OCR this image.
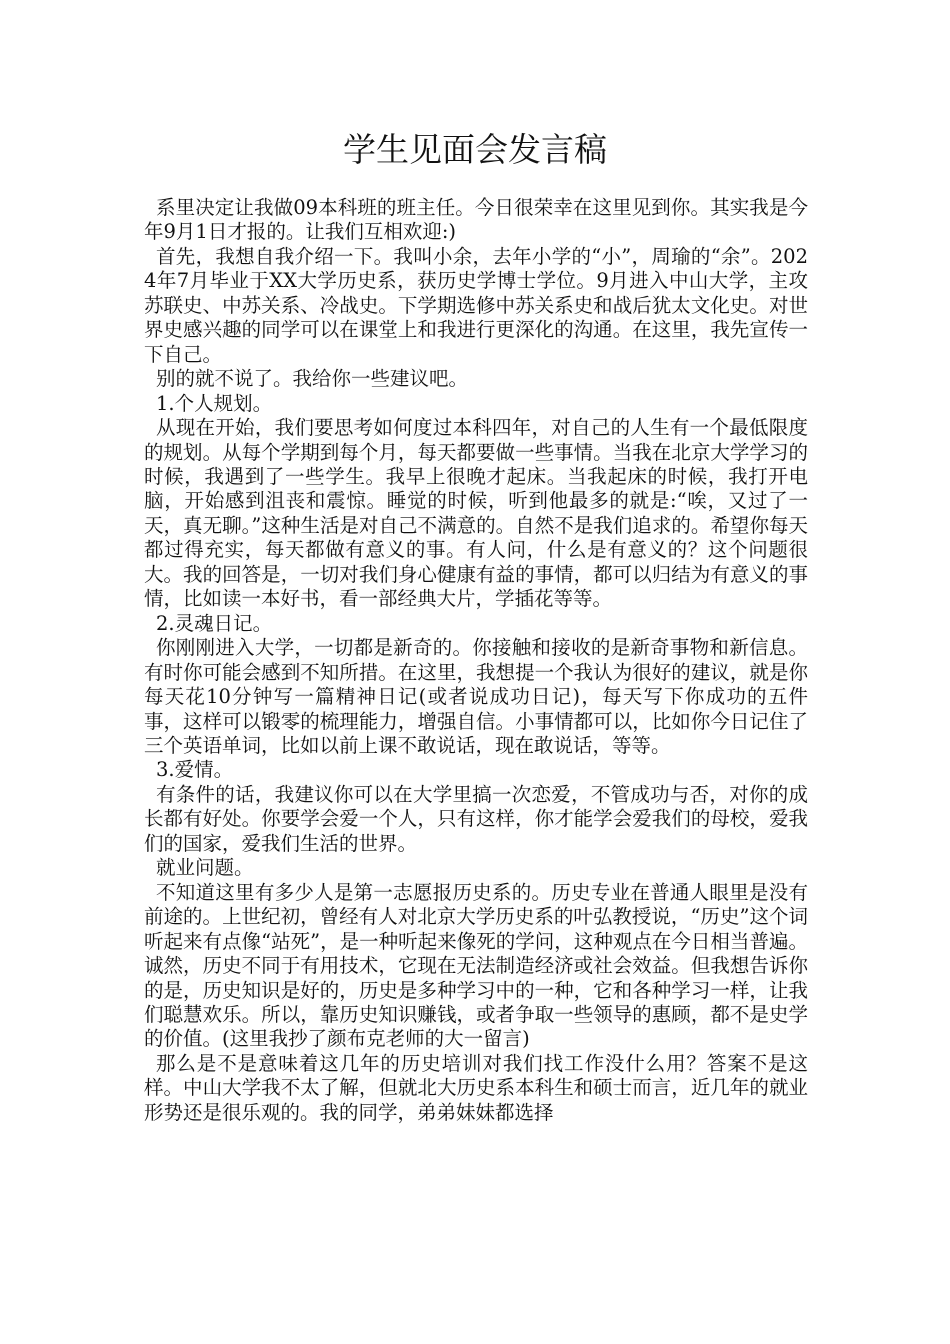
学生见面会发言稿

系里决定让我做09本科班的班主任。今日很荣幸在这里见到你。其实我是今年9月1日才报的。让我们互相欢迎:)

首先，我想自我介绍一下。我叫小余，去年小学的“小”，周瑜的“余”。2024年7月毕业于XX大学历史系，获历史学博士学位。9月进入中山大学，主攻苏联史、中苏关系、冷战史。下学期选修中苏关系史和战后犹太文化史。对世界史感兴趣的同学可以在课堂上和我进行更深化的沟通。在这里，我先宣传一下自己。

别的就不说了。我给你一些建议吧。

1.个人规划。

从现在开始，我们要思考如何度过本科四年，对自己的人生有一个最低限度的规划。从每个学期到每个月，每天都要做一些事情。当我在北京大学学习的时候，我遇到了一些学生。我早上很晚才起床。当我起床的时候，我打开电脑，开始感到沮丧和震惊。睡觉的时候，听到他最多的就是:“唉，又过了一天，真无聊。”这种生活是对自己不满意的。自然不是我们追求的。希望你每天都过得充实，每天都做有意义的事。有人问，什么是有意义的？这个问题很大。我的回答是，一切对我们身心健康有益的事情，都可以归结为有意义的事情，比如读一本好书，看一部经典大片，学插花等等。

2.灵魂日记。

你刚刚进入大学，一切都是新奇的。你接触和接收的是新奇事物和新信息。有时你可能会感到不知所措。在这里，我想提一个我认为很好的建议，就是你每天花10分钟写一篇精神日记(或者说成功日记)，每天写下你成功的五件事，这样可以锻零的梳理能力，增强自信。小事情都可以，比如你今日记住了三个英语单词，比如以前上课不敢说话，现在敢说话，等等。

3.爱情。

有条件的话，我建议你可以在大学里搞一次恋爱，不管成功与否，对你的成长都有好处。你要学会爱一个人，只有这样，你才能学会爱我们的母校，爱我们的国家，爱我们生活的世界。

就业问题。

不知道这里有多少人是第一志愿报历史系的。历史专业在普通人眼里是没有前途的。上世纪初，曾经有人对北京大学历史系的叶弘教授说，“历史”这个词听起来有点像“站死”，是一种听起来像死的学问，这种观点在今日相当普遍。诚然，历史不同于有用技术，它现在无法制造经济或社会效益。但我想告诉你的是，历史知识是好的，历史是多种学习中的一种，它和各种学习一样，让我们聪慧欢乐。所以，靠历史知识赚钱，或者争取一些领导的惠顾，都不是史学的价值。(这里我抄了颜布克老师的大一留言)

那么是不是意味着这几年的历史培训对我们找工作没什么用？答案不是这样。中山大学我不太了解，但就北大历史系本科生和硕士而言，近几年的就业形势还是很乐观的。我的同学，弟弟妹妹都选择
